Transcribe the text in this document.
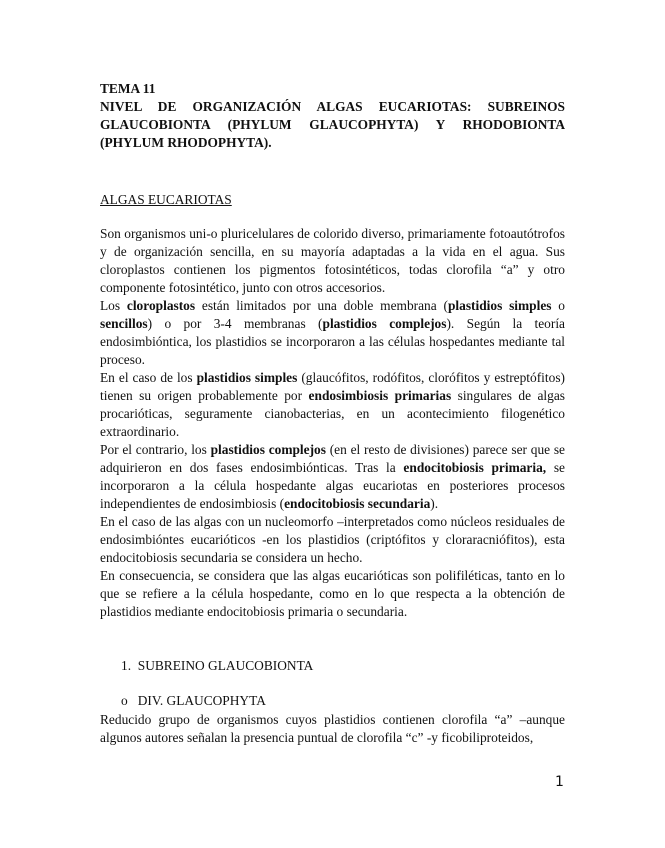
TEMA 11
NIVEL DE ORGANIZACIÓN ALGAS EUCARIOTAS: SUBREINOS GLAUCOBIONTA (PHYLUM GLAUCOPHYTA) Y RHODOBIONTA (PHYLUM RHODOPHYTA).
ALGAS EUCARIOTAS
Son organismos uni-o pluricelulares de colorido diverso, primariamente fotoautótrofos y de organización sencilla, en su mayoría adaptadas a la vida en el agua. Sus cloroplastos contienen los pigmentos fotosintéticos, todas clorofila “a” y otro componente fotosintético, junto con otros accesorios.
Los cloroplastos están limitados por una doble membrana (plastidios simples o sencillos) o por 3-4 membranas (plastidios complejos). Según la teoría endosimbióntica, los plastidios se incorporaron a las células hospedantes mediante tal proceso.
En el caso de los plastidios simples (glaucófitos, rodófitos, clorófitos y estreptófitos) tienen su origen probablemente por endosimbiosis primarias singulares de algas procarióticas, seguramente cianobacterias, en un acontecimiento filogenético extraordinario.
Por el contrario, los plastidios complejos (en el resto de divisiones) parece ser que se adquirieron en dos fases endosimbiónticas. Tras la endocitobiosis primaria, se incorporaron a la célula hospedante algas eucariotas en posteriores procesos independientes de endosimbiosis (endocitobiosis secundaria).
En el caso de las algas con un nucleomorfo –interpretados como núcleos residuales de endosimbióntes eucarióticos -en los plastidios (criptófitos y cloraracniófitos), esta endocitobiosis secundaria se considera un hecho.
En consecuencia, se considera que las algas eucarióticas son polifiléticas, tanto en lo que se refiere a la célula hospedante, como en lo que respecta a la obtención de plastidios mediante endocitobiosis primaria o secundaria.
1. SUBREINO GLAUCOBIONTA
o DIV. GLAUCOPHYTA
Reducido grupo de organismos cuyos plastidios contienen clorofila “a” –aunque algunos autores señalan la presencia puntual de clorofila “c” -y ficobiliproteidos,
1
